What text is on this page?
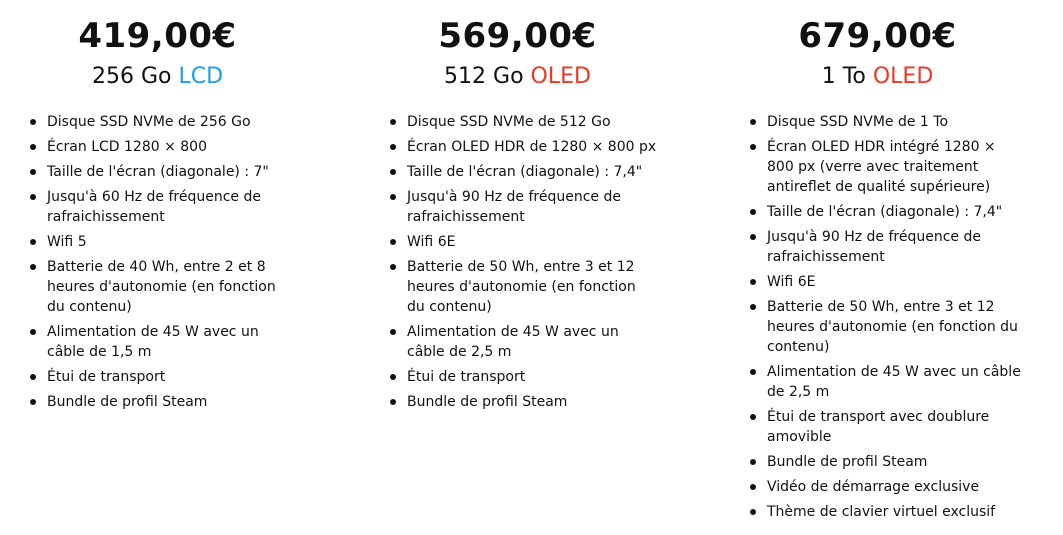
419,00€
256 Go LCD
Disque SSD NVMe de 256 Go
Écran LCD 1280 × 800
Taille de l'écran (diagonale) : 7"
Jusqu'à 60 Hz de fréquence de rafraichissement
Wifi 5
Batterie de 40 Wh, entre 2 et 8 heures d'autonomie (en fonction du contenu)
Alimentation de 45 W avec un câble de 1,5 m
Étui de transport
Bundle de profil Steam
569,00€
512 Go OLED
Disque SSD NVMe de 512 Go
Écran OLED HDR de 1280 × 800 px
Taille de l'écran (diagonale) : 7,4"
Jusqu'à 90 Hz de fréquence de rafraichissement
Wifi 6E
Batterie de 50 Wh, entre 3 et 12 heures d'autonomie (en fonction du contenu)
Alimentation de 45 W avec un câble de 2,5 m
Étui de transport
Bundle de profil Steam
679,00€
1 To OLED
Disque SSD NVMe de 1 To
Écran OLED HDR intégré 1280 × 800 px (verre avec traitement antireflet de qualité supérieure)
Taille de l'écran (diagonale) : 7,4"
Jusqu'à 90 Hz de fréquence de rafraichissement
Wifi 6E
Batterie de 50 Wh, entre 3 et 12 heures d'autonomie (en fonction du contenu)
Alimentation de 45 W avec un câble de 2,5 m
Étui de transport avec doublure amovible
Bundle de profil Steam
Vidéo de démarrage exclusive
Thème de clavier virtuel exclusif
